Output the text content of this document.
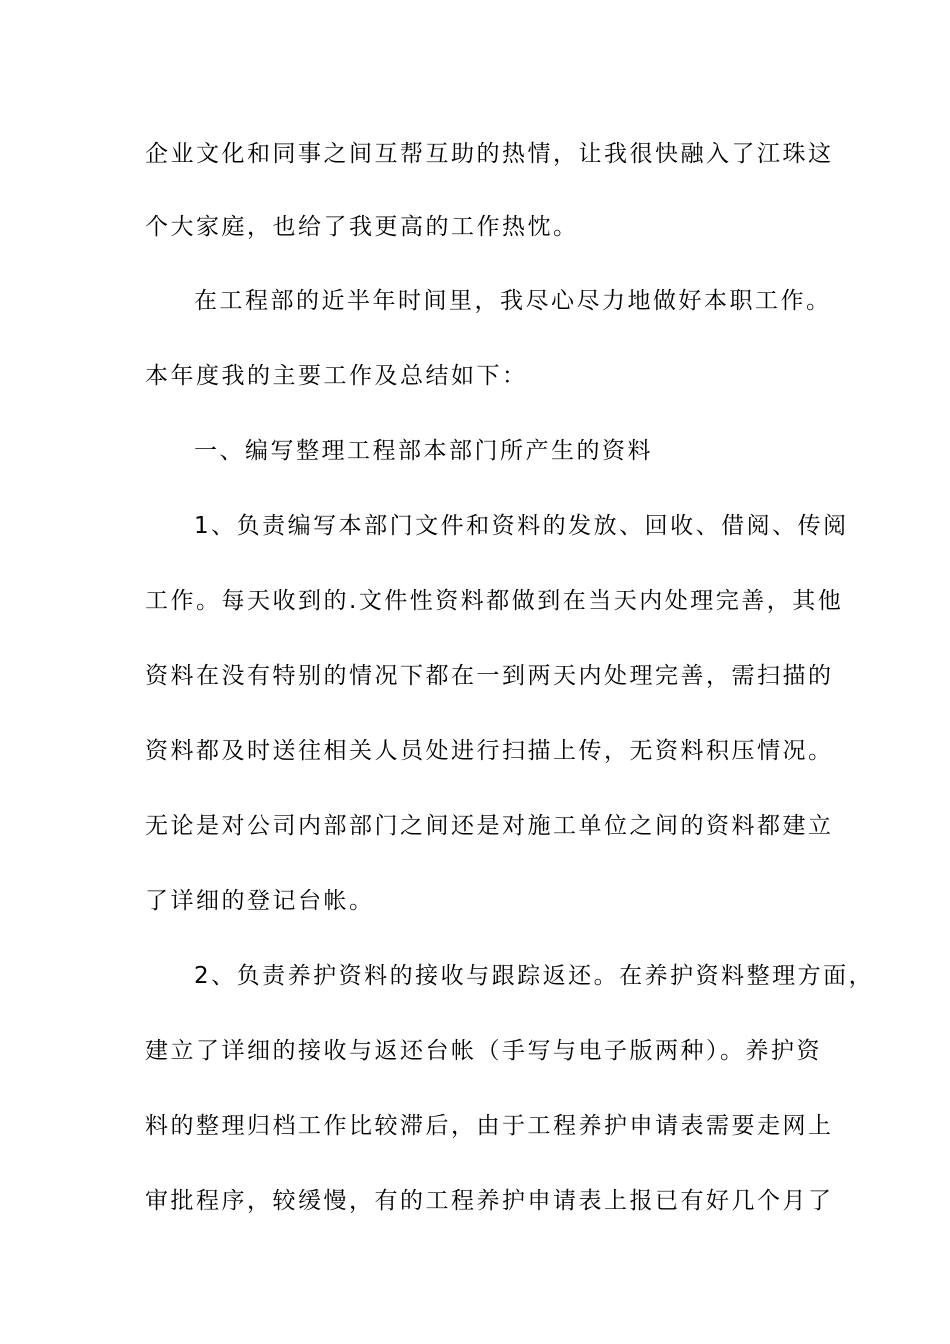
企业文化和同事之间互帮互助的热情，让我很快融入了江珠这
个大家庭，也给了我更高的工作热忱。
在工程部的近半年时间里，我尽心尽力地做好本职工作。
本年度我的主要工作及总结如下：
一、编写整理工程部本部门所产生的资料
1、负责编写本部门文件和资料的发放、回收、借阅、传阅
工作。每天收到的.文件性资料都做到在当天内处理完善，其他
资料在没有特别的情况下都在一到两天内处理完善，需扫描的
资料都及时送往相关人员处进行扫描上传，无资料积压情况。
无论是对公司内部部门之间还是对施工单位之间的资料都建立
了详细的登记台帐。
2、负责养护资料的接收与跟踪返还。在养护资料整理方面，
建立了详细的接收与返还台帐（手写与电子版两种）。养护资
料的整理归档工作比较滞后，由于工程养护申请表需要走网上
审批程序，较缓慢，有的工程养护申请表上报已有好几个月了
